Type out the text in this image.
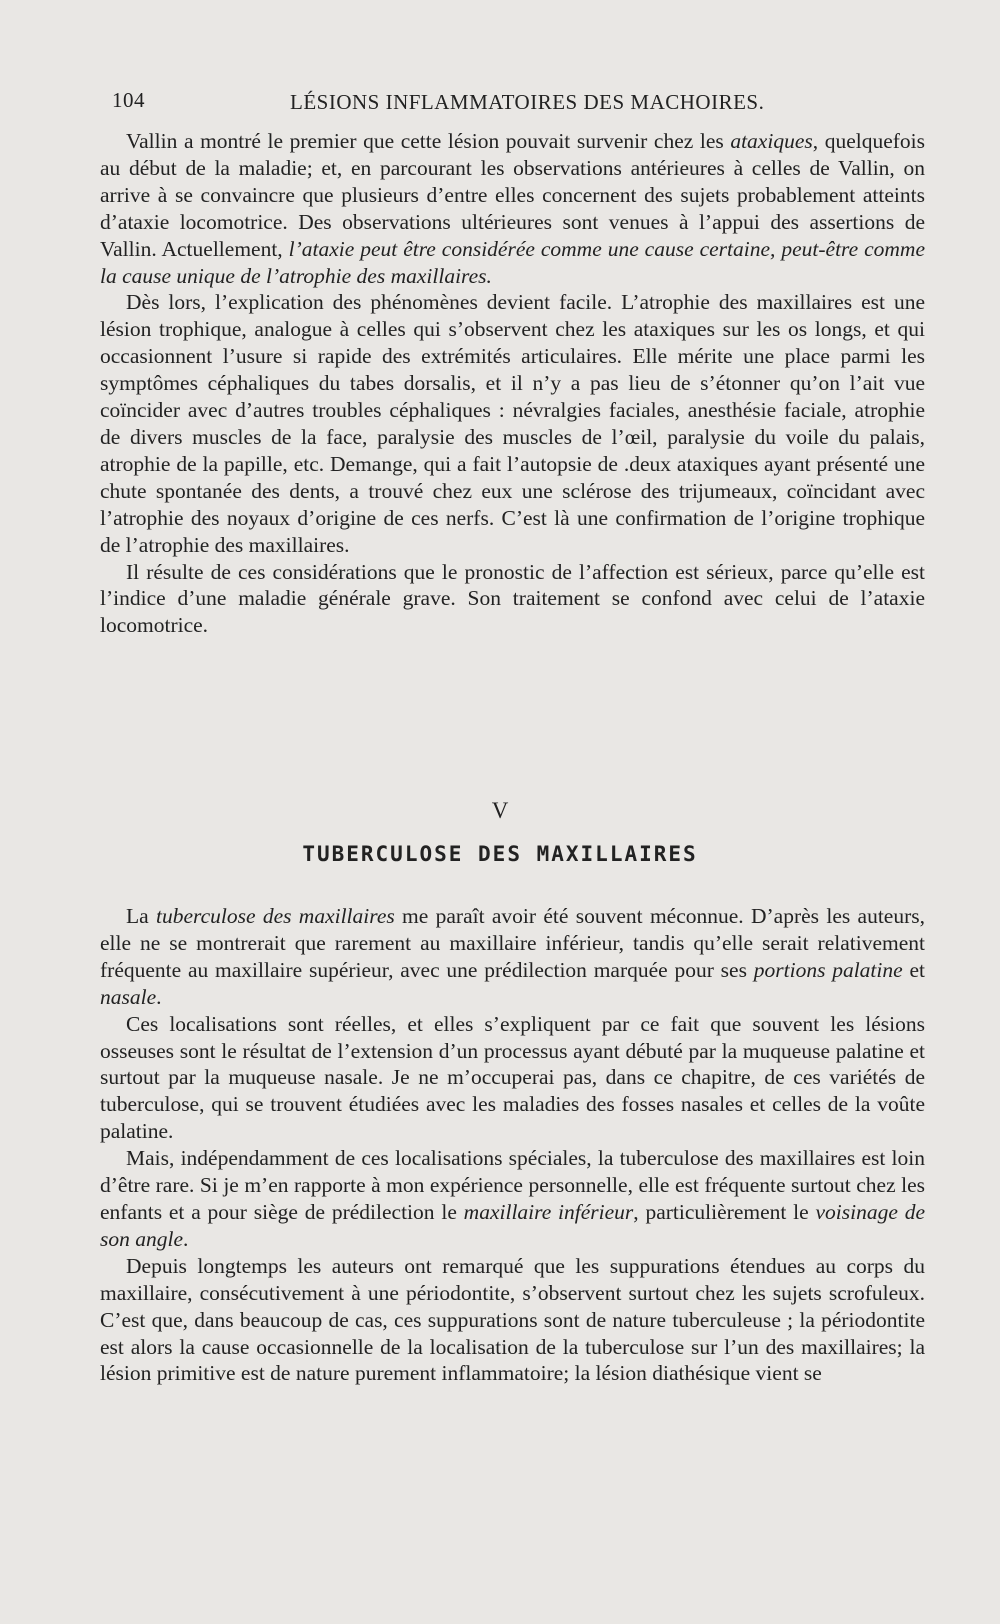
104	LÉSIONS INFLAMMATOIRES DES MACHOIRES.

Vallin a montré le premier que cette lésion pouvait survenir chez les ataxiques, quelquefois au début de la maladie; et, en parcourant les observations antérieures à celles de Vallin, on arrive à se convaincre que plusieurs d’entre elles concernent des sujets probablement atteints d’ataxie locomotrice. Des observations ultérieures sont venues à l’appui des assertions de Vallin. Actuellement, l’ataxie peut être considérée comme une cause certaine, peut-être comme la cause unique de l’atrophie des maxillaires.

Dès lors, l’explication des phénomènes devient facile. L’atrophie des maxillaires est une lésion trophique, analogue à celles qui s’observent chez les ataxiques sur les os longs, et qui occasionnent l’usure si rapide des extrémités articulaires. Elle mérite une place parmi les symptômes céphaliques du tabes dorsalis, et il n’y a pas lieu de s’étonner qu’on l’ait vue coïncider avec d’autres troubles céphaliques : névralgies faciales, anesthésie faciale, atrophie de divers muscles de la face, paralysie des muscles de l’œil, paralysie du voile du palais, atrophie de la papille, etc. Demange, qui a fait l’autopsie de .deux ataxiques ayant présenté une chute spontanée des dents, a trouvé chez eux une sclérose des trijumeaux, coïncidant avec l’atrophie des noyaux d’origine de ces nerfs. C’est là une confirmation de l’origine trophique de l’atrophie des maxillaires.

Il résulte de ces considérations que le pronostic de l’affection est sérieux, parce qu’elle est l’indice d’une maladie générale grave. Son traitement se confond avec celui de l’ataxie locomotrice.

V
TUBERCULOSE DES MAXILLAIRES

La tuberculose des maxillaires me paraît avoir été souvent méconnue. D’après les auteurs, elle ne se montrerait que rarement au maxillaire inférieur, tandis qu’elle serait relativement fréquente au maxillaire supérieur, avec une prédilection marquée pour ses portions palatine et nasale.

Ces localisations sont réelles, et elles s’expliquent par ce fait que souvent les lésions osseuses sont le résultat de l’extension d’un processus ayant débuté par la muqueuse palatine et surtout par la muqueuse nasale. Je ne m’occuperai pas, dans ce chapitre, de ces variétés de tuberculose, qui se trouvent étudiées avec les maladies des fosses nasales et celles de la voûte palatine.

Mais, indépendamment de ces localisations spéciales, la tuberculose des maxillaires est loin d’être rare. Si je m’en rapporte à mon expérience personnelle, elle est fréquente surtout chez les enfants et a pour siège de prédilection le maxillaire inférieur, particulièrement le voisinage de son angle.

Depuis longtemps les auteurs ont remarqué que les suppurations étendues au corps du maxillaire, consécutivement à une périodontite, s’observent surtout chez les sujets scrofuleux. C’est que, dans beaucoup de cas, ces suppurations sont de nature tuberculeuse ; la périodontite est alors la cause occasionnelle de la localisation de la tuberculose sur l’un des maxillaires; la lésion primitive est de nature purement inflammatoire; la lésion diathésique vient se
